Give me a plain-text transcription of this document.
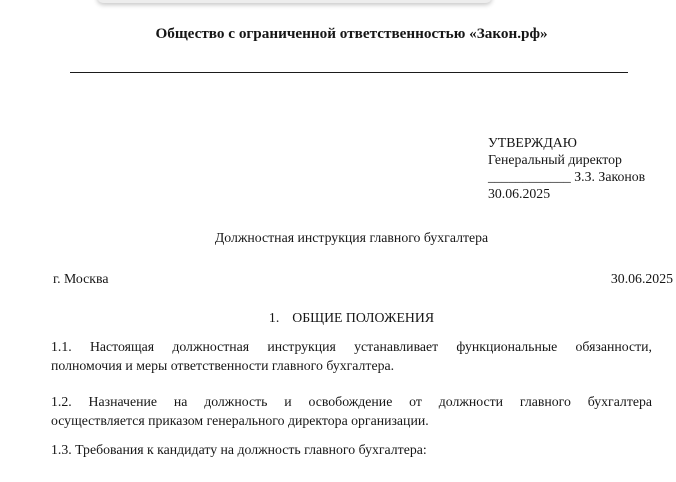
Общество с ограниченной ответственностью «Закон.рф»
УТВЕРЖДАЮ
Генеральный директор
____________ З.З. Законов
30.06.2025
Должностная инструкция главного бухгалтера
г. Москва	30.06.2025
1. ОБЩИЕ ПОЛОЖЕНИЯ
1.1. Настоящая должностная инструкция устанавливает функциональные обязанности,
полномочия и меры ответственности главного бухгалтера.
1.2. Назначение на должность и освобождение от должности главного бухгалтера
осуществляется приказом генерального директора организации.
1.3. Требования к кандидату на должность главного бухгалтера:
